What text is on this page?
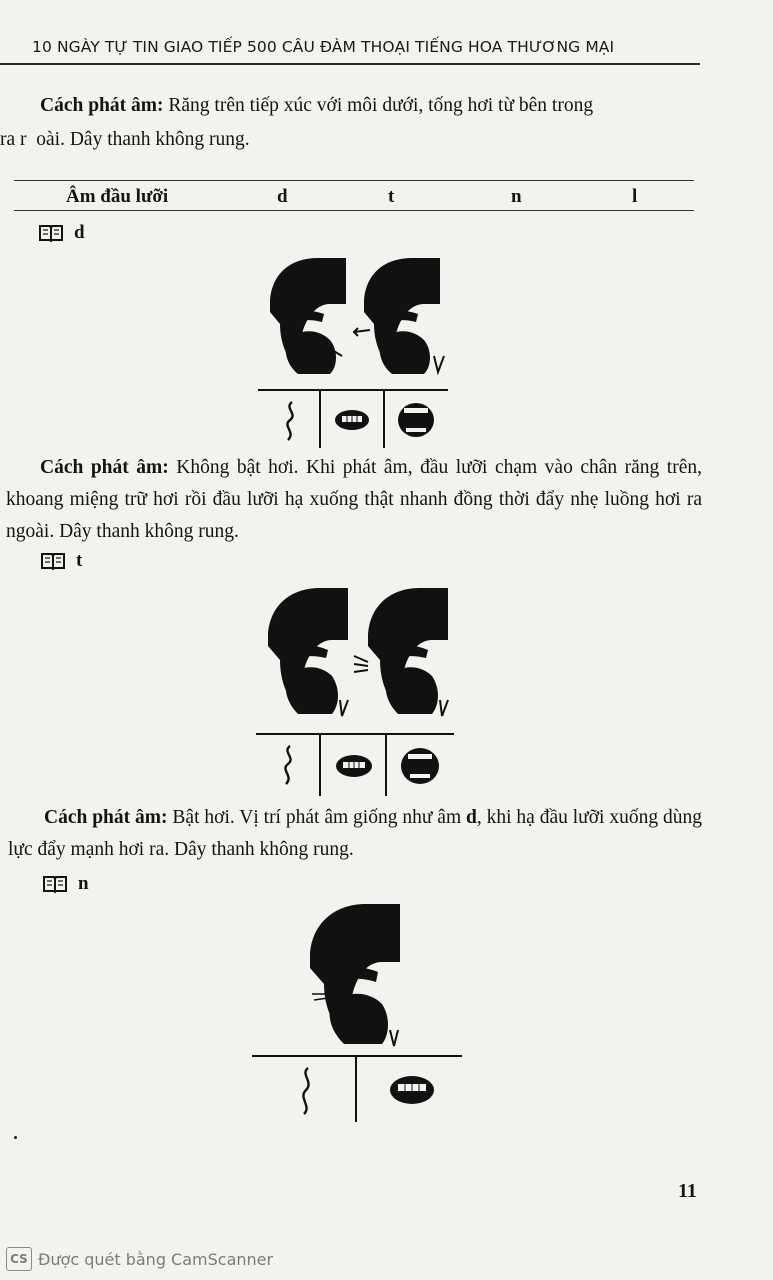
10 NGÀY TỰ TIN GIAO TIẾP 500 CÂU ĐÀM THOẠI TIẾNG HOA THƯƠNG MẠI
Cách phát âm: Răng trên tiếp xúc với môi dưới, tống hơi từ bên trong
ra r  oài. Dây thanh không rung.
Âm đầu lưỡi	d	t	n	l
d
Cách phát âm: Không bật hơi. Khi phát âm, đầu lưỡi chạm vào chân răng trên, khoang miệng trữ hơi rồi đầu lưỡi hạ xuống thật nhanh đồng thời đẩy nhẹ luồng hơi ra ngoài. Dây thanh không rung.
t
Cách phát âm: Bật hơi. Vị trí phát âm giống như âm d, khi hạ đầu lưỡi xuống dùng lực đẩy mạnh hơi ra. Dây thanh không rung.
n
11
CS Được quét bằng CamScanner
